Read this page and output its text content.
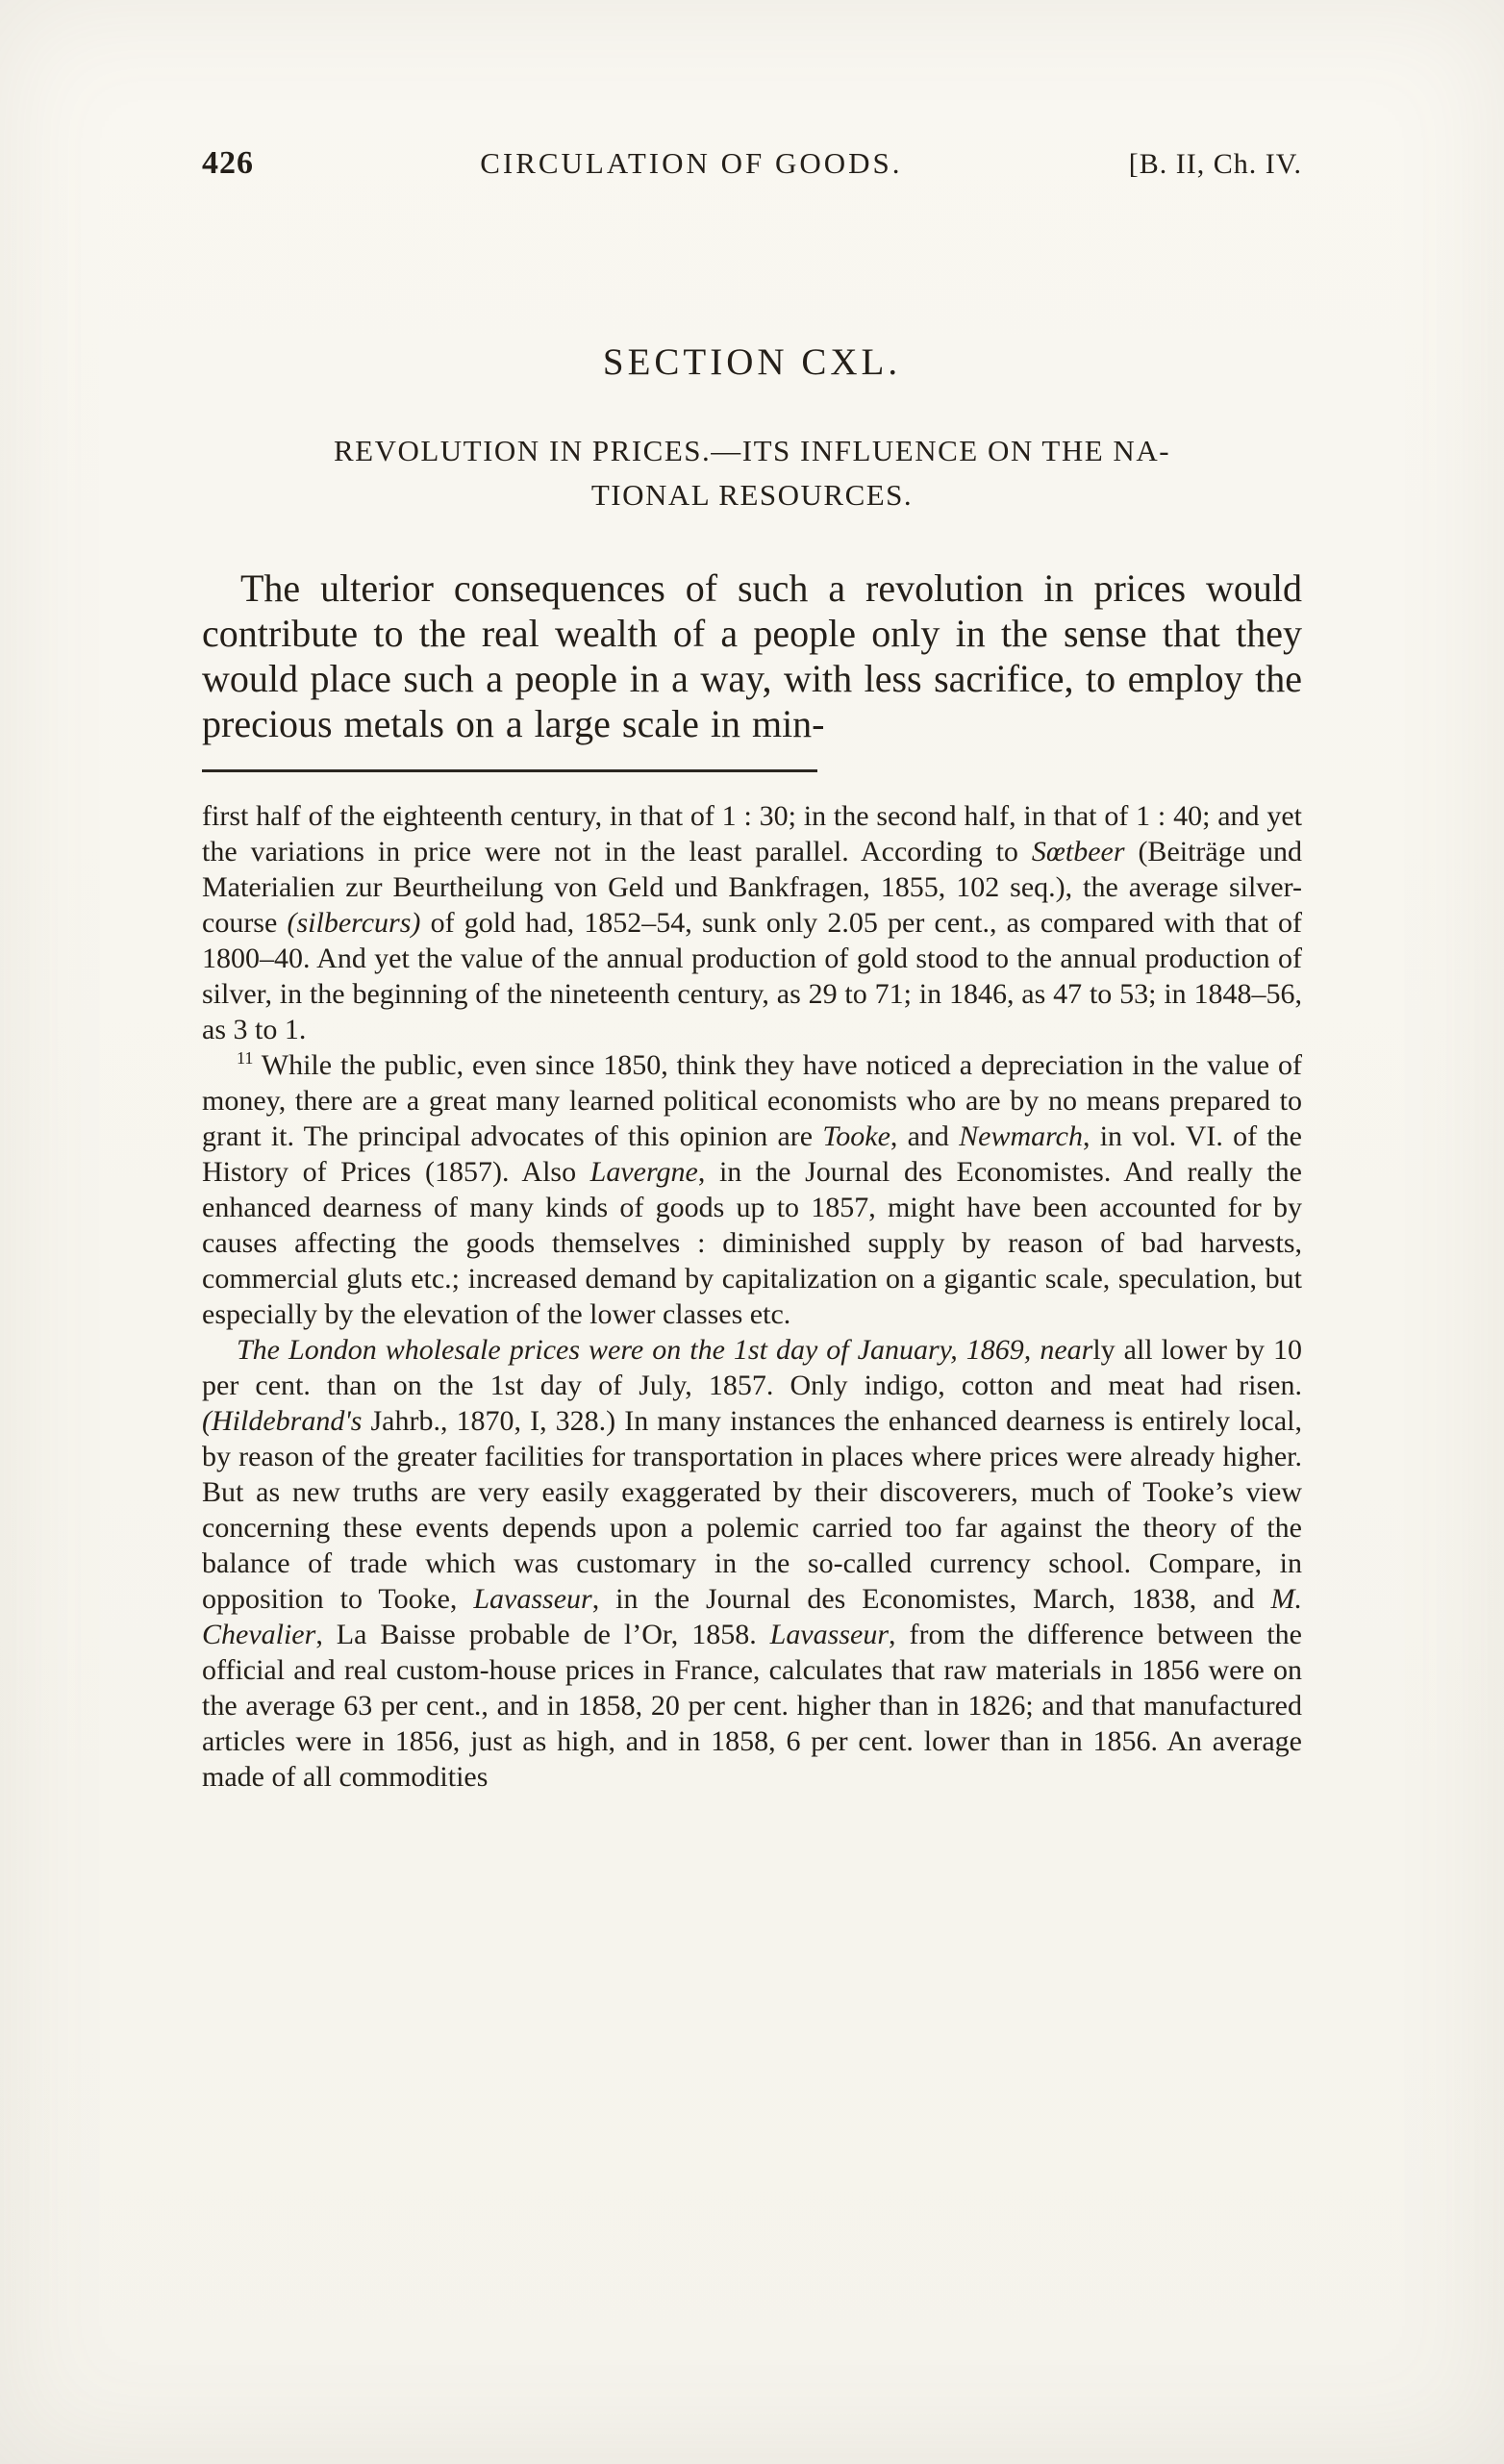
426	CIRCULATION OF GOODS.	[B. II, Ch. IV.
SECTION CXL.
REVOLUTION IN PRICES.—ITS INFLUENCE ON THE NA-
TIONAL RESOURCES.

The ulterior consequences of such a revolution in prices would contribute to the real wealth of a people only in the sense that they would place such a people in a way, with less sacrifice, to employ the precious metals on a large scale in min-

first half of the eighteenth century, in that of 1 : 30; in the second half, in that of 1 : 40; and yet the variations in price were not in the least parallel. According to Sœtbeer (Beiträge und Materialien zur Beurtheilung von Geld und Bankfragen, 1855, 102 seq.), the average silver-course (silbercurs) of gold had, 1852–54, sunk only 2.05 per cent., as compared with that of 1800–40. And yet the value of the annual production of gold stood to the annual production of silver, in the beginning of the nineteenth century, as 29 to 71; in 1846, as 47 to 53; in 1848–56, as 3 to 1.

$^{11}$ While the public, even since 1850, think they have noticed a depreciation in the value of money, there are a great many learned political economists who are by no means prepared to grant it. The principal advocates of this opinion are Tooke, and Newmarch, in vol. VI. of the History of Prices (1857). Also Lavergne, in the Journal des Economistes. And really the enhanced dearness of many kinds of goods up to 1857, might have been accounted for by causes affecting the goods themselves : diminished supply by reason of bad harvests, commercial gluts etc.; increased demand by capitalization on a gigantic scale, speculation, but especially by the elevation of the lower classes etc.

The London wholesale prices were on the 1st day of January, 1869, nearly all lower by 10 per cent. than on the 1st day of July, 1857. Only indigo, cotton and meat had risen. (Hildebrand's Jahrb., 1870, I, 328.) In many instances the enhanced dearness is entirely local, by reason of the greater facilities for transportation in places where prices were already higher. But as new truths are very easily exaggerated by their discoverers, much of Tooke’s view concerning these events depends upon a polemic carried too far against the theory of the balance of trade which was customary in the so-called currency school. Compare, in opposition to Tooke, Lavasseur, in the Journal des Economistes, March, 1838, and M. Chevalier, La Baisse probable de l’Or, 1858. Lavasseur, from the difference between the official and real custom-house prices in France, calculates that raw materials in 1856 were on the average 63 per cent., and in 1858, 20 per cent. higher than in 1826; and that manufactured articles were in 1856, just as high, and in 1858, 6 per cent. lower than in 1856. An average made of all commodities
